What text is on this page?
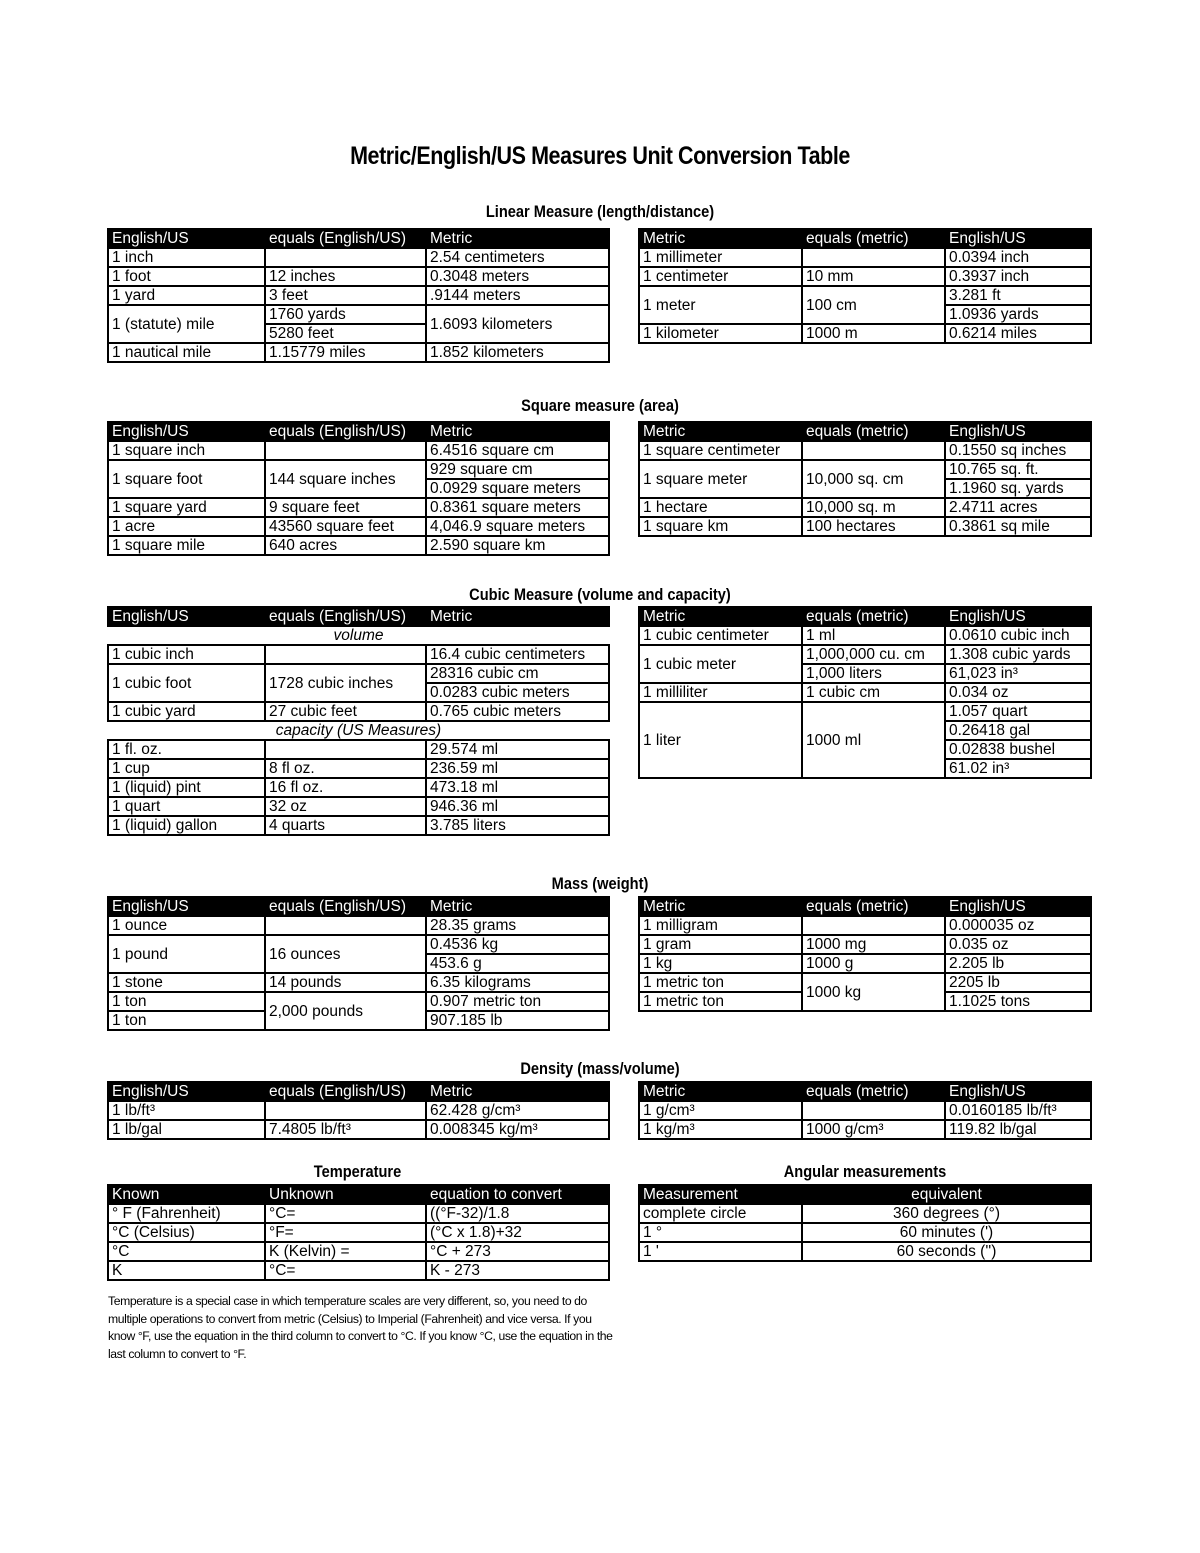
Metric/English/US Measures Unit Conversion Table
Linear Measure (length/distance)
English/US	equals (English/US)	Metric
1 inch		2.54 centimeters
1 foot	12 inches	0.3048 meters
1 yard	3 feet	.9144 meters
1 (statute) mile	1760 yards	1.6093 kilometers
	5280 feet	
1 nautical mile	1.15779 miles	1.852 kilometers
Metric	equals (metric)	English/US
1 millimeter		0.0394 inch
1 centimeter	10 mm	0.3937 inch
1 meter	100 cm	3.281 ft
		1.0936 yards
1 kilometer	1000 m	0.6214 miles
Square measure (area)
English/US	equals (English/US)	Metric
1 square inch		6.4516 square cm
1 square foot	144 square inches	929 square cm
		0.0929 square meters
1 square yard	9 square feet	0.8361 square meters
1 acre	43560 square feet	4,046.9 square meters
1 square mile	640 acres	2.590 square km
Metric	equals (metric)	English/US
1 square centimeter		0.1550 sq inches
1 square meter	10,000 sq. cm	10.765 sq. ft.
		1.1960 sq. yards
1 hectare	10,000 sq. m	2.4711 acres
1 square km	100 hectares	0.3861 sq mile
Cubic Measure (volume and capacity)
English/US	equals (English/US)	Metric
volume		
1 cubic inch		16.4 cubic centimeters
1 cubic foot	1728 cubic inches	28316 cubic cm
		0.0283 cubic meters
1 cubic yard	27 cubic feet	0.765 cubic meters
capacity (US Measures)		
1 fl. oz.		29.574 ml
1 cup	8 fl oz.	236.59 ml
1 (liquid) pint	16 fl oz.	473.18 ml
1 quart	32 oz	946.36 ml
1 (liquid) gallon	4 quarts	3.785 liters
Metric	equals (metric)	English/US
1 cubic centimeter	1 ml	0.0610 cubic inch
1 cubic meter	1,000,000 cu. cm	1.308 cubic yards
	1,000 liters	61,023 in³
1 milliliter	1 cubic cm	0.034 oz
1 liter	1000 ml	1.057 quart
		0.26418 gal
		0.02838 bushel
		61.02 in³
Mass (weight)
English/US	equals (English/US)	Metric
1 ounce		28.35 grams
1 pound	16 ounces	0.4536 kg
		453.6 g
1 stone	14 pounds	6.35 kilograms
1 ton	2,000 pounds	0.907 metric ton
1 ton		907.185 lb
Metric	equals (metric)	English/US
1 milligram		0.000035 oz
1 gram	1000 mg	0.035 oz
1 kg	1000 g	2.205 lb
1 metric ton	1000 kg	2205 lb
1 metric ton		1.1025 tons
Density (mass/volume)
English/US	equals (English/US)	Metric
1 lb/ft³		62.428 g/cm³
1 lb/gal	7.4805 lb/ft³	0.008345 kg/m³
Metric	equals (metric)	English/US
1 g/cm³		0.0160185 lb/ft³
1 kg/m³	1000 g/cm³	119.82 lb/gal
Temperature
Known	Unknown	equation to convert
° F (Fahrenheit)	°C=	((°F-32)/1.8
°C (Celsius)	°F=	(°C x 1.8)+32
°C	K (Kelvin) =	°C + 273
K	°C=	K - 273
Angular measurements
Measurement	equivalent
complete circle	360 degrees (°)
1 °	60 minutes (')
1 '	60 seconds ('')
Temperature is a special case in which temperature scales are very different, so, you need to do multiple operations to convert from metric (Celsius) to Imperial (Fahrenheit) and vice versa. If you know °F, use the equation in the third column to convert to °C. If you know °C, use the equation in the last column to convert to °F.
